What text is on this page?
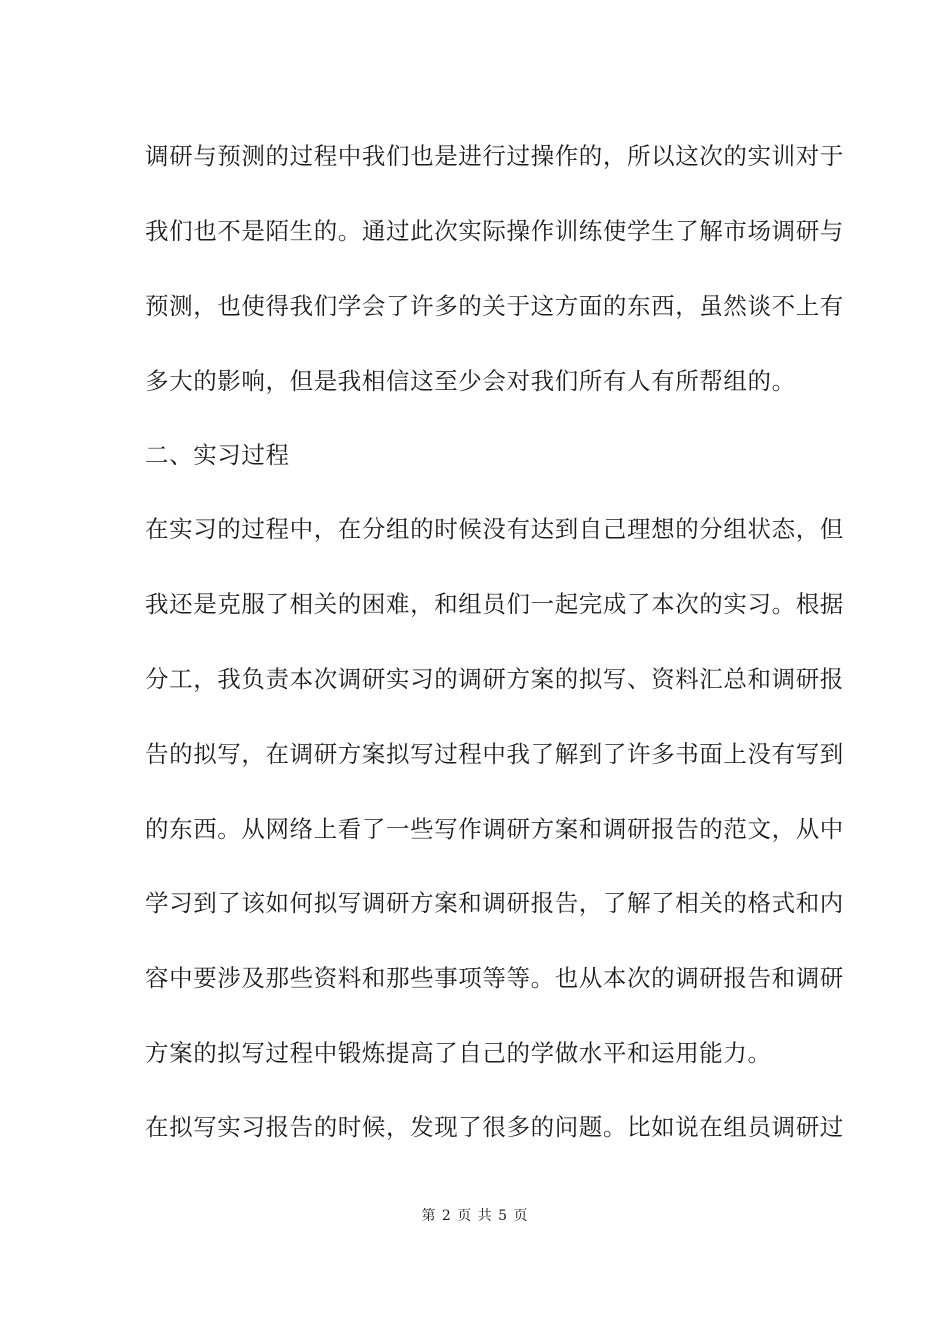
调研与预测的过程中我们也是进行过操作的，所以这次的实训对于
我们也不是陌生的。通过此次实际操作训练使学生了解市场调研与
预测，也使得我们学会了许多的关于这方面的东西，虽然谈不上有
多大的影响，但是我相信这至少会对我们所有人有所帮组的。
二、实习过程
在实习的过程中，在分组的时候没有达到自己理想的分组状态，但
我还是克服了相关的困难，和组员们一起完成了本次的实习。根据
分工，我负责本次调研实习的调研方案的拟写、资料汇总和调研报
告的拟写，在调研方案拟写过程中我了解到了许多书面上没有写到
的东西。从网络上看了一些写作调研方案和调研报告的范文，从中
学习到了该如何拟写调研方案和调研报告，了解了相关的格式和内
容中要涉及那些资料和那些事项等等。也从本次的调研报告和调研
方案的拟写过程中锻炼提高了自己的学做水平和运用能力。
在拟写实习报告的时候，发现了很多的问题。比如说在组员调研过
第 2 页 共 5 页
